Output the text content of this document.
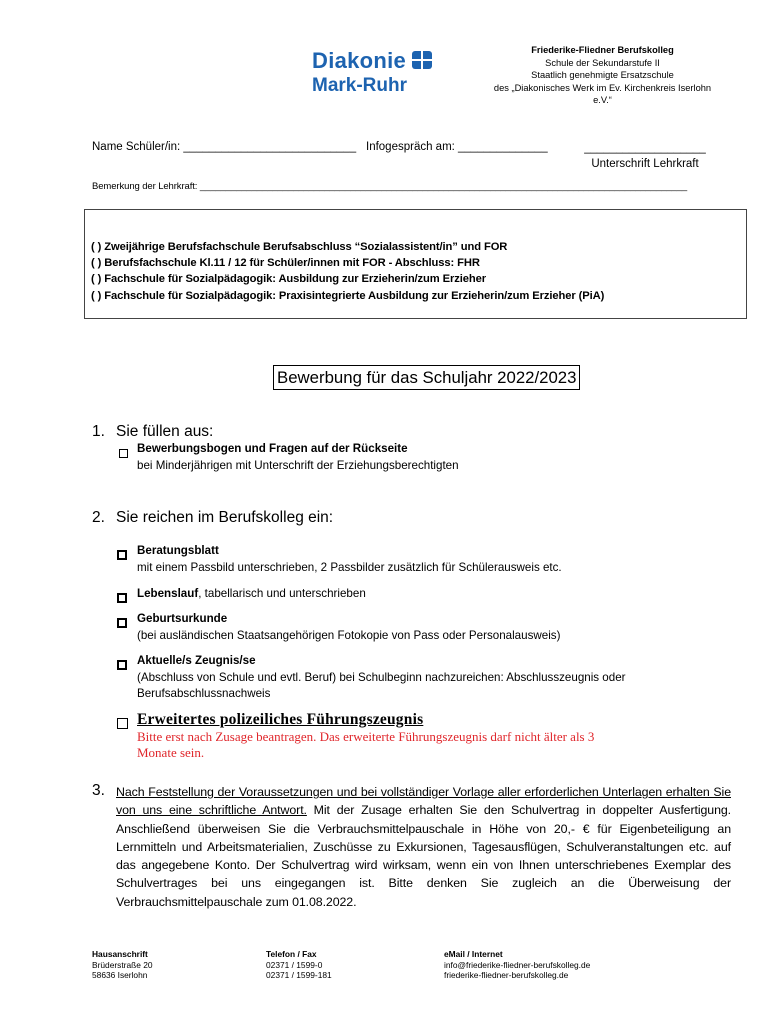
Diakonie
Mark-Ruhr
Friederike-Fliedner Berufskolleg
Schule der Sekundarstufe II
Staatlich genehmigte Ersatzschule
des „Diakonisches Werk im Ev. Kirchenkreis Iserlohn
e.V.“
Name Schüler/in: ___________________________ Infogespräch am: ______________	___________________
Unterschrift Lehrkraft
Bemerkung der Lehrkraft: ______________________________________________________________________________________________
( ) Zweijährige Berufsfachschule Berufsabschluss “Sozialassistent/in” und FOR
( ) Berufsfachschule Kl.11 / 12 für Schüler/innen mit FOR - Abschluss: FHR
( ) Fachschule für Sozialpädagogik: Ausbildung zur Erzieherin/zum Erzieher
( ) Fachschule für Sozialpädagogik: Praxisintegrierte Ausbildung zur Erzieherin/zum Erzieher (PiA)
Bewerbung für das Schuljahr 2022/2023
1. Sie füllen aus:
Bewerbungsbogen und Fragen auf der Rückseite
bei Minderjährigen mit Unterschrift der Erziehungsberechtigten
2. Sie reichen im Berufskolleg ein:
Beratungsblatt
mit einem Passbild unterschrieben, 2 Passbilder zusätzlich für Schülerausweis etc.
Lebenslauf, tabellarisch und unterschrieben
Geburtsurkunde
(bei ausländischen Staatsangehörigen Fotokopie von Pass oder Personalausweis)
Aktuelle/s Zeugnis/se
(Abschluss von Schule und evtl. Beruf) bei Schulbeginn nachzureichen: Abschlusszeugnis oder
Berufsabschlussnachweis
Erweitertes polizeiliches Führungszeugnis
Bitte erst nach Zusage beantragen. Das erweiterte Führungszeugnis darf nicht älter als 3
Monate sein.
3. Nach Feststellung der Voraussetzungen und bei vollständiger Vorlage aller erforderlichen Unterlagen erhalten Sie von uns eine schriftliche Antwort. Mit der Zusage erhalten Sie den Schulvertrag in doppelter Ausfertigung. Anschließend überweisen Sie die Verbrauchsmittelpauschale in Höhe von 20,- € für Eigenbeteiligung an Lernmitteln und Arbeitsmaterialien, Zuschüsse zu Exkursionen, Tagesausflügen, Schulveranstaltungen etc. auf das angegebene Konto. Der Schulvertrag wird wirksam, wenn ein von Ihnen unterschriebenes Exemplar des Schulvertrages bei uns eingegangen ist. Bitte denken Sie zugleich an die Überweisung der Verbrauchsmittelpauschale zum 01.08.2022.
Hausanschrift
Brüderstraße 20
58636 Iserlohn
Telefon / Fax
02371 / 1599-0
02371 / 1599-181
eMail / Internet
info@friederike-fliedner-berufskolleg.de
friederike-fliedner-berufskolleg.de
